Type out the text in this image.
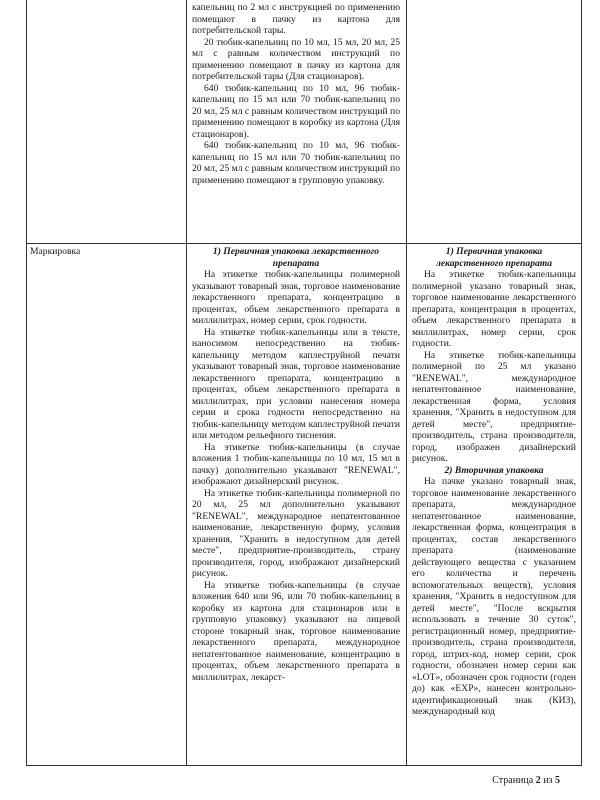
капельниц по 2 мл с инструкцией по применению помещают в пачку из картона для потребительской тары.

20 тюбик-капельниц по 10 мл, 15 мл, 20 мл, 25 мл с равным количеством инструкций по применению помещают в пачку из картона для потребительской тары (Для стационаров).

640 тюбик-капельниц по 10 мл, 96 тюбик-капельниц по 15 мл или 70 тюбик-капельниц по 20 мл, 25 мл с равным количеством инструкций по применению помещают в коробку из картона (Для стационаров).

640 тюбик-капельниц по 10 мл, 96 тюбик-капельниц по 15 мл или 70 тюбик-капельниц по 20 мл, 25 мл с равным количеством инструкций по применению помещают в групповую упаковку.

Маркировка	1) Первичная упаковка лекарственного препарата

На этикетке тюбик-капельницы полимерной указывают товарный знак, торговое наименование лекарственного препарата, концентрацию в процентах, объем лекарственного препарата в миллилитрах, номер серии, срок годности.

На этикетке тюбик-капельницы или в тексте, наносимом непосредственно на тюбик-капельницу методом каплеструйной печати указывают товарный знак, торговое наименование лекарственного препарата, концентрацию в процентах, объем лекарственного препарата в миллилитрах, при условии нанесения номера серии и срока годности непосредственно на тюбик-капельницу методом каплеструйной печати или методом рельефного тиснения.

На этикетке тюбик-капельницы (в случае вложения 1 тюбик-капельницы по 10 мл, 15 мл в пачку) дополнительно указывают "RENEWAL", изображают дизайнерский рисунок.

На этикетке тюбик-капельницы полимерной по 20 мл, 25 мл дополнительно указывают "RENEWAL", международное непатентованное наименование, лекарственную форму, условия хранения, "Хранить в недоступном для детей месте", предприятие-производитель, страну производителя, город, изображают дизайнерский рисунок.

На этикетке тюбик-капельницы (в случае вложения 640 или 96, или 70 тюбик-капельниц в коробку из картона для стационаров или в групповую упаковку) указывают на лицевой стороне товарный знак, торговое наименование лекарственного препарата, международное непатентованное наименование, концентрацию в процентах, объем лекарственного препарата в миллилитрах, лекарст-

1) Первичная упаковка лекарственного препарата

На этикетке тюбик-капельницы полимерной указано товарный знак, торговое наименование лекарственного препарата, концентрация в процентах, объем лекарственного препарата в миллилитрах, номер серии, срок годности.

На этикетке тюбик-капельницы полимерной по 25 мл указано "RENEWAL", международное непатентованное наименование, лекарственная форма, условия хранения, "Хранить в недоступном для детей месте", предприятие-производитель, страна производителя, город, изображен дизайнерский рисунок.

2) Вторичная упаковка

На пачке указано товарный знак, торговое наименование лекарственного препарата, международное непатентованное наименование, лекарственная форма, концентрация в процентах, состав лекарственного препарата (наименование действующего вещества с указанием его количества и перечень вспомогательных веществ), условия хранения, "Хранить в недоступном для детей месте", "После вскрытия использовать в течение 30 суток", регистрационный номер, предприятие-производитель, страна производителя, город, штрих-код, номер серии, срок годности, обозначен номер серии как «LOT», обозначен срок годности (годен до) как «EXP», нанесен контрольно-идентификационный знак (КИЗ), международный код

Страница 2 из 5
